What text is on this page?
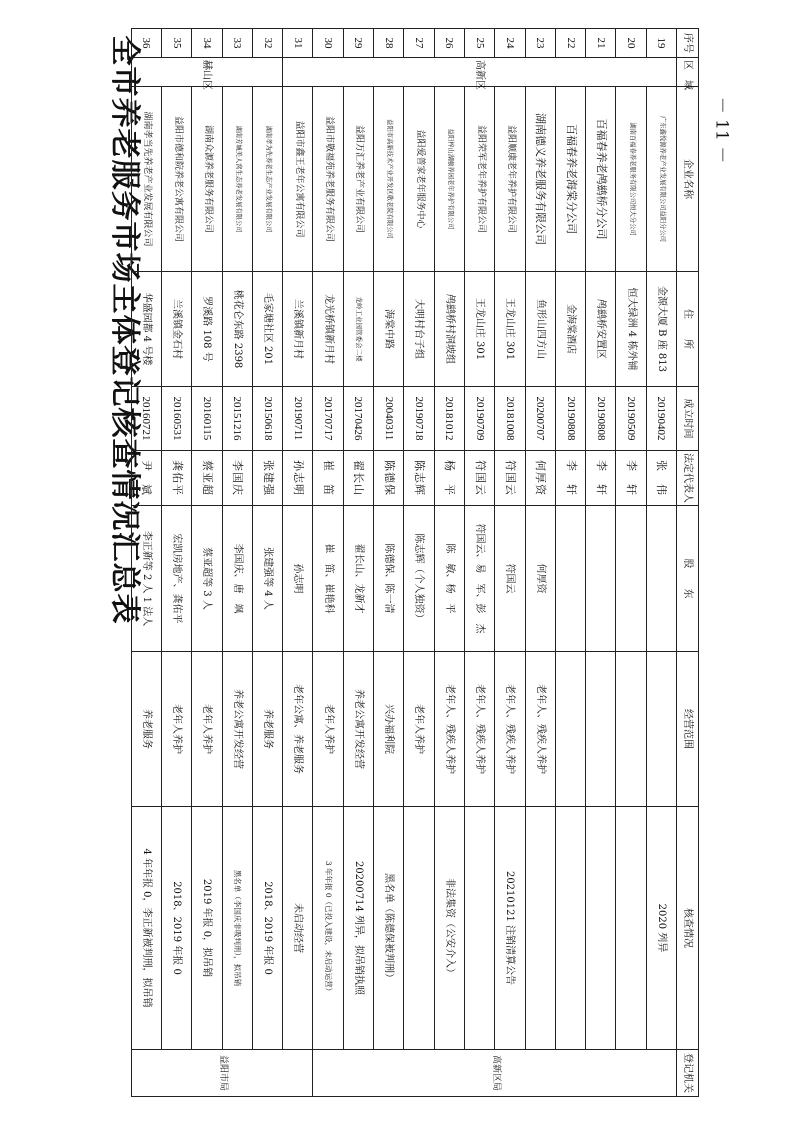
全市养老服务市场主体登记核查情况汇总表	－ 11 －
序号	区　域	企业名称	住　　所	成立时间	法定代表人	股　　东	经营范围	核查情况	登记机关
19	高新区	广东鑫悦源养老产业发展有限公司益阳分公司	金源大厦 B 座 813	20190402	张　伟			2020 列异	高新区局
20		湖南百福春养老服务有限公司恒大分公司	恒大绿洲 4 栋外铺	20190509	李　轩				
21		百福春养老鸬鹚桥分公司	鸬鹚桥安置区	20190808	李　轩				
22		百福春养老海棠分公司	金海棠酒店	20190808	李　轩				
23		湖南德义养老服务有限公司	鱼形山四方山	20200707	何厚资	何厚资	老年人、残疾人养护		
24		益阳顺康老年养护有限公司	王龙山庄 301	20181008	符国云	符国云	老年人、残疾人养护	20210121 注销清算公告	
25		益阳荣军老年养护有限公司	王龙山庄 301	20190709	符国云	符国云、易　军、彭　杰	老年人、残疾人养护		
26		益阳梓山湖颐养园老年养护有限公司	鸬鹚桥村洞坡组	20181012	杨　平	陈　敏、杨　平	老年人、残疾人养护	非法集资（公安介入）	
27		益阳爱普家老年服务中心	大明村台子组	20190718	陈志辉	陈志辉（个人独资）	老年人养护		
28		益阳市高新技术产业开发区敬老院有限公司	海棠中路	20040311	陈德保	陈德保、陈一清	兴办福利院	黑名单（陈德保被判刑）	
29		益阳万汇养老产业有限公司	龙岭工业园管委会二楼	20170426	翟长山	翟长山、龙新才	养老公寓开发经营	20200714 列异，拟吊销执照	
30		益阳市敬福苑养老服务有限公司	龙光桥镇新月村	20170717	崔　笛	崔　笛、崔艳科	老年人养护	3 年年报 0（已投入建设，未启动运营）	
31		益阳市鑫王老年公寓有限公司	兰溪镇新月村	20190711	孙志明	孙志明	老年公寓、养老服务	未启动经营	益阳市局
32	赫山区	湖南孝为先养老生态产业发展有限公司	毛家塘社区 201	20150618	张建强	张建强等 4 人	养老服务	2018、2019 年报 0	
33		湖南芳城美人窝生态养老发展有限公司	桃花仑东路 2398	20151216	李国庆	李国庆、唐　飒	养老公寓开发经营	黑名单（李国庆非吸判刑），拟吊销	
34		湖南众源养老服务有限公司	罗溪路 108 号	20160115	蔡亚超	蔡亚超等 3 人	老年人养护	2019 年报 0，拟吊销	
35		益阳市德和院养老公寓有限公司	兰溪镇金石村	20160531	龚佑平	宏凯房地产、龚佑平	老年人养护	2018、2019 年报 0	
36		湖南孝当先养老产业发展有限公司	华盛园都 4 号楼	20160721	尹　斌	李正新等 2 人 1 法人	养老服务	4 年年报 0，李正新被判刑，拟吊销	
